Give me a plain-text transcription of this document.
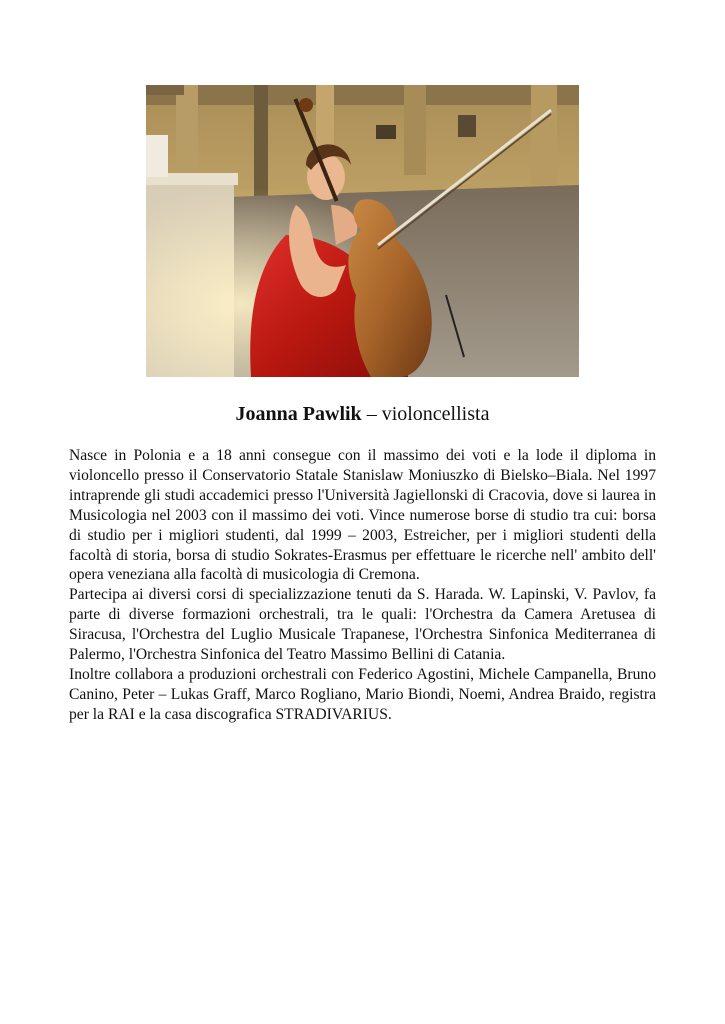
Joanna Pawlik – violoncellista

Nasce in Polonia e a 18 anni consegue con il massimo dei voti e la lode il diploma in violoncello presso il Conservatorio Statale Stanislaw Moniuszko di Bielsko–Biala. Nel 1997 intraprende gli studi accademici presso l'Università Jagiellonski di Cracovia, dove si laurea in Musicologia nel 2003 con il massimo dei voti. Vince numerose borse di studio tra cui: borsa di studio per i migliori studenti, dal 1999 – 2003, Estreicher, per i migliori studenti della facoltà di storia, borsa di studio Sokrates-Erasmus per effettuare le ricerche nell' ambito dell' opera veneziana alla facoltà di musicologia di Cremona.

Partecipa ai diversi corsi di specializzazione tenuti da S. Harada. W. Lapinski, V. Pavlov, fa parte di diverse formazioni orchestrali, tra le quali: l'Orchestra da Camera Aretusea di Siracusa, l'Orchestra del Luglio Musicale Trapanese, l'Orchestra Sinfonica Mediterranea di Palermo, l'Orchestra Sinfonica del Teatro Massimo Bellini di Catania.

Inoltre collabora a produzioni orchestrali con Federico Agostini, Michele Campanella, Bruno Canino, Peter – Lukas Graff, Marco Rogliano, Mario Biondi, Noemi, Andrea Braido, registra per la RAI e la casa discografica STRADIVARIUS.
